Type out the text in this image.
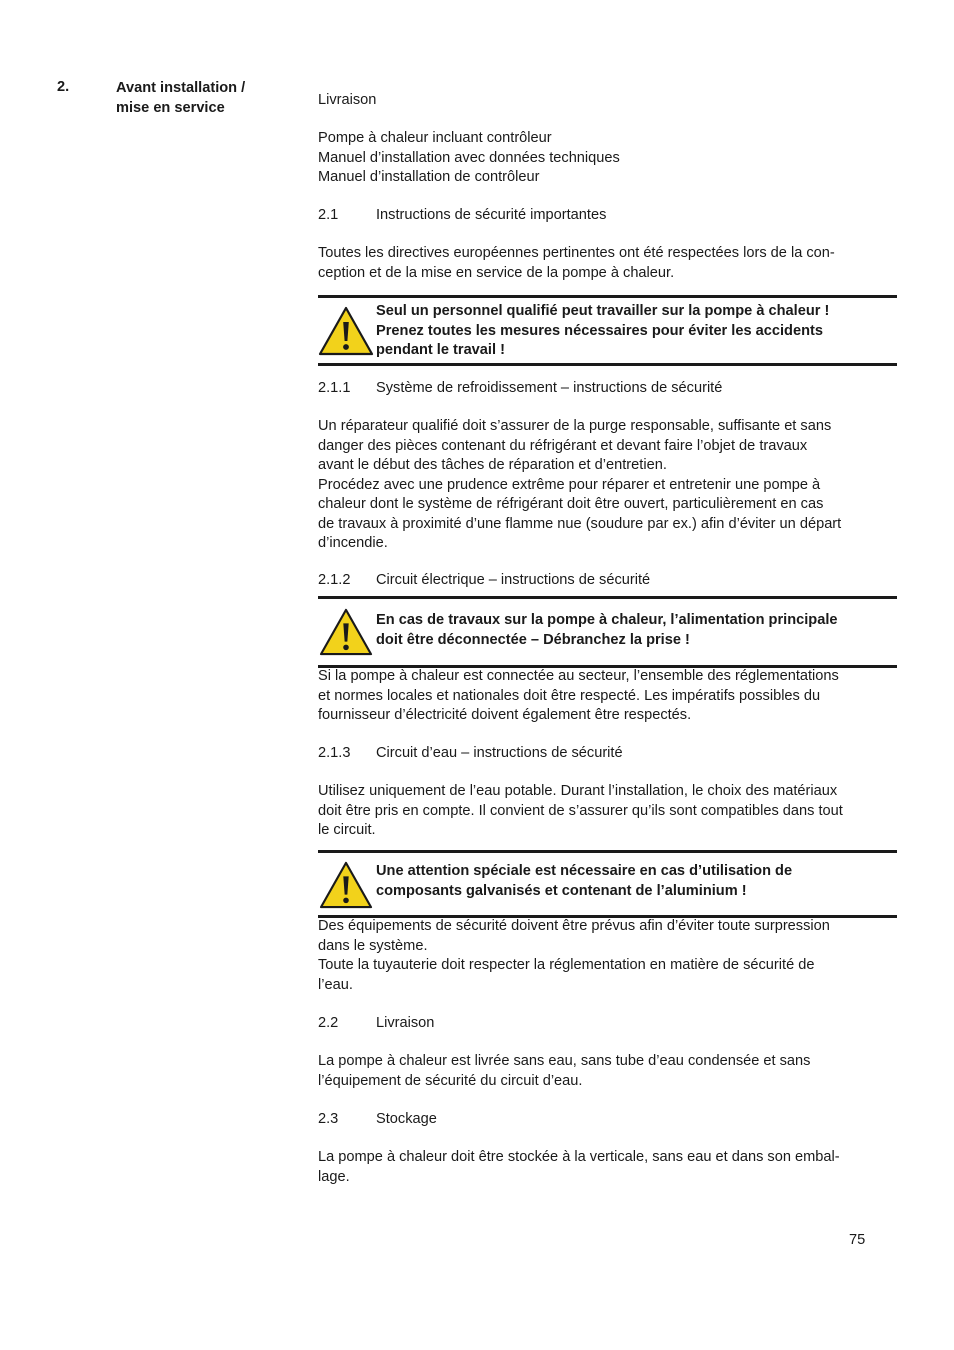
2.	Avant installation /
mise en service	Livraison
Pompe à chaleur incluant contrôleur
Manuel d’installation avec données techniques
Manuel d’installation de contrôleur
2.1	Instructions de sécurité importantes
Toutes les directives européennes pertinentes ont été respectées lors de la con-
ception et de la mise en service de la pompe à chaleur.
Seul un personnel qualifié peut travailler sur la pompe à chaleur !
Prenez toutes les mesures nécessaires pour éviter les accidents
pendant le travail !
2.1.1 Système de refroidissement – instructions de sécurité
Un réparateur qualifié doit s’assurer de la purge responsable, suffisante et sans
danger des pièces contenant du réfrigérant et devant faire l’objet de travaux
avant le début des tâches de réparation et d’entretien.
Procédez avec une prudence extrême pour réparer et entretenir une pompe à
chaleur dont le système de réfrigérant doit être ouvert, particulièrement en cas
de travaux à proximité d’une flamme nue (soudure par ex.) afin d’éviter un départ
d’incendie.
2.1.2 Circuit électrique – instructions de sécurité
En cas de travaux sur la pompe à chaleur, l’alimentation principale
doit être déconnectée – Débranchez la prise !
Si la pompe à chaleur est connectée au secteur, l’ensemble des réglementations
et normes locales et nationales doit être respecté. Les impératifs possibles du
fournisseur d’électricité doivent également être respectés.
2.1.3 Circuit d’eau – instructions de sécurité
Utilisez uniquement de l’eau potable. Durant l’installation, le choix des matériaux
doit être pris en compte. Il convient de s’assurer qu’ils sont compatibles dans tout
le circuit.
Une attention spéciale est nécessaire en cas d’utilisation de
composants galvanisés et contenant de l’aluminium !
Des équipements de sécurité doivent être prévus afin d’éviter toute surpression
dans le système.
Toute la tuyauterie doit respecter la réglementation en matière de sécurité de
l’eau.
2.2	Livraison
La pompe à chaleur est livrée sans eau, sans tube d’eau condensée et sans
l’équipement de sécurité du circuit d’eau.
2.3	Stockage
La pompe à chaleur doit être stockée à la verticale, sans eau et dans son embal-
lage.
75
